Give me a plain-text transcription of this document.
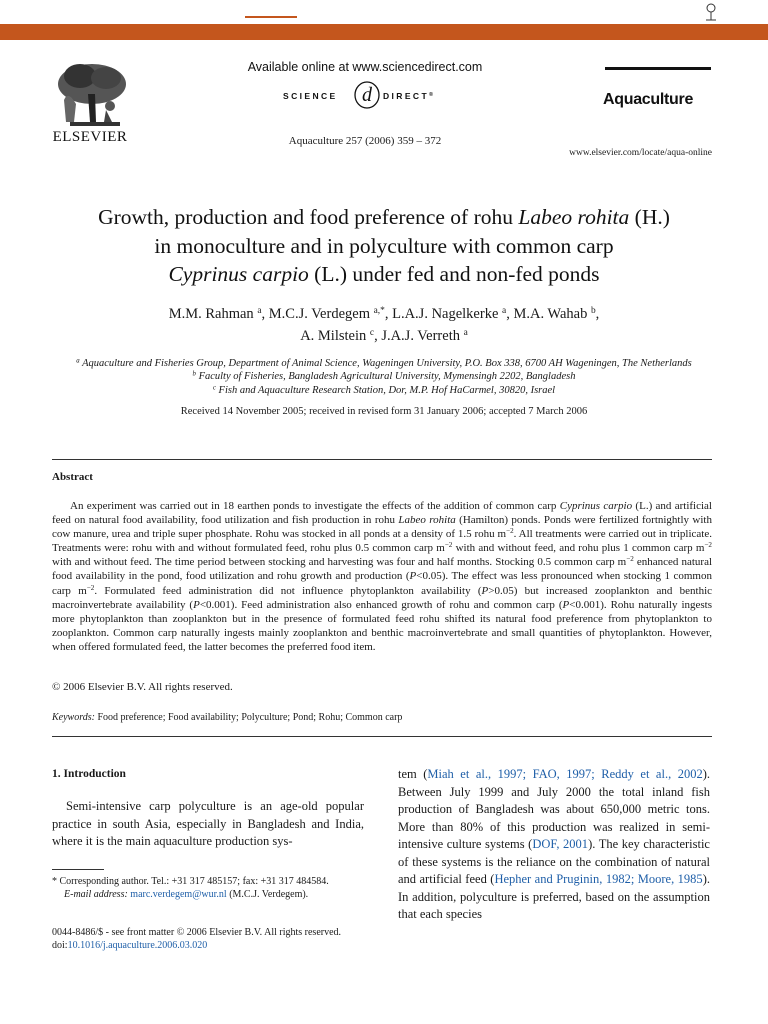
ELSEVIER
Available online at www.sciencedirect.com
SCIENCE d DIRECT®
Aquaculture 257 (2006) 359 – 372
Aquaculture
www.elsevier.com/locate/aqua-online

Growth, production and food preference of rohu Labeo rohita (H.)

in monoculture and in polyculture with common carp

Cyprinus carpio (L.) under fed and non-fed ponds

M.M. Rahman $^a$, M.C.J. Verdegem $^{a,*}$, L.A.J. Nagelkerke $^a$, M.A. Wahab $^b$,

A. Milstein $^c$, J.A.J. Verreth $^a$

$^a$ Aquaculture and Fisheries Group, Department of Animal Science, Wageningen University, P.O. Box 338, 6700 AH Wageningen, The Netherlands

$^b$ Faculty of Fisheries, Bangladesh Agricultural University, Mymensingh 2202, Bangladesh

$^c$ Fish and Aquaculture Research Station, Dor, M.P. Hof HaCarmel, 30820, Israel

Received 14 November 2005; received in revised form 31 January 2006; accepted 7 March 2006
Abstract

An experiment was carried out in 18 earthen ponds to investigate the effects of the addition of common carp Cyprinus carpio (L.) and artificial feed on natural food availability, food utilization and fish production in rohu Labeo rohita (Hamilton) ponds. Ponds were fertilized fortnightly with cow manure, urea and triple super phosphate. Rohu was stocked in all ponds at a density of 1.5 rohu $m^{-2}$. All treatments were carried out in triplicate. Treatments were: rohu with and without formulated feed, rohu plus 0.5 common carp $m^{-2}$ with and without feed, and rohu plus 1 common carp $m^{-2}$ with and without feed. The time period between stocking and harvesting was four and half months. Stocking 0.5 common carp $m^{-2}$ enhanced natural food availability in the pond, food utilization and rohu growth and production (P<0.05). The effect was less pronounced when stocking 1 common carp $m^{-2}$. Formulated feed administration did not influence phytoplankton availability (P>0.05) but increased zooplankton and benthic macroinvertebrate availability (P<0.001). Feed administration also enhanced growth of rohu and common carp (P<0.001). Rohu naturally ingests more phytoplankton than zooplankton but in the presence of formulated feed rohu shifted its natural food preference from phytoplankton to zooplankton. Common carp naturally ingests mainly zooplankton and benthic macroinvertebrate and small quantities of phytoplankton. However, when offered formulated feed, the latter becomes the preferred food item.

© 2006 Elsevier B.V. All rights reserved.
Keywords: Food preference; Food availability; Polyculture; Pond; Rohu; Common carp
1. Introduction

Semi-intensive carp polyculture is an age-old popular practice in south Asia, especially in Bangladesh and India, where it is the main aquaculture production sys-

tem (Miah et al., 1997; FAO, 1997; Reddy et al., 2002). Between July 1999 and July 2000 the total inland fish production of Bangladesh was about 650,000 metric tons. More than 80% of this production was realized in semi-intensive culture systems (DOF, 2001). The key characteristic of these systems is the reliance on the combination of natural and artificial feed (Hepher and Pruginin, 1982; Moore, 1985). In addition, polyculture is preferred, based on the assumption that each species

* Corresponding author. Tel.: +31 317 485157; fax: +31 317 484584.

E-mail address: marc.verdegem@wur.nl (M.C.J. Verdegem).

0044-8486/$ - see front matter © 2006 Elsevier B.V. All rights reserved.

doi:10.1016/j.aquaculture.2006.03.020
